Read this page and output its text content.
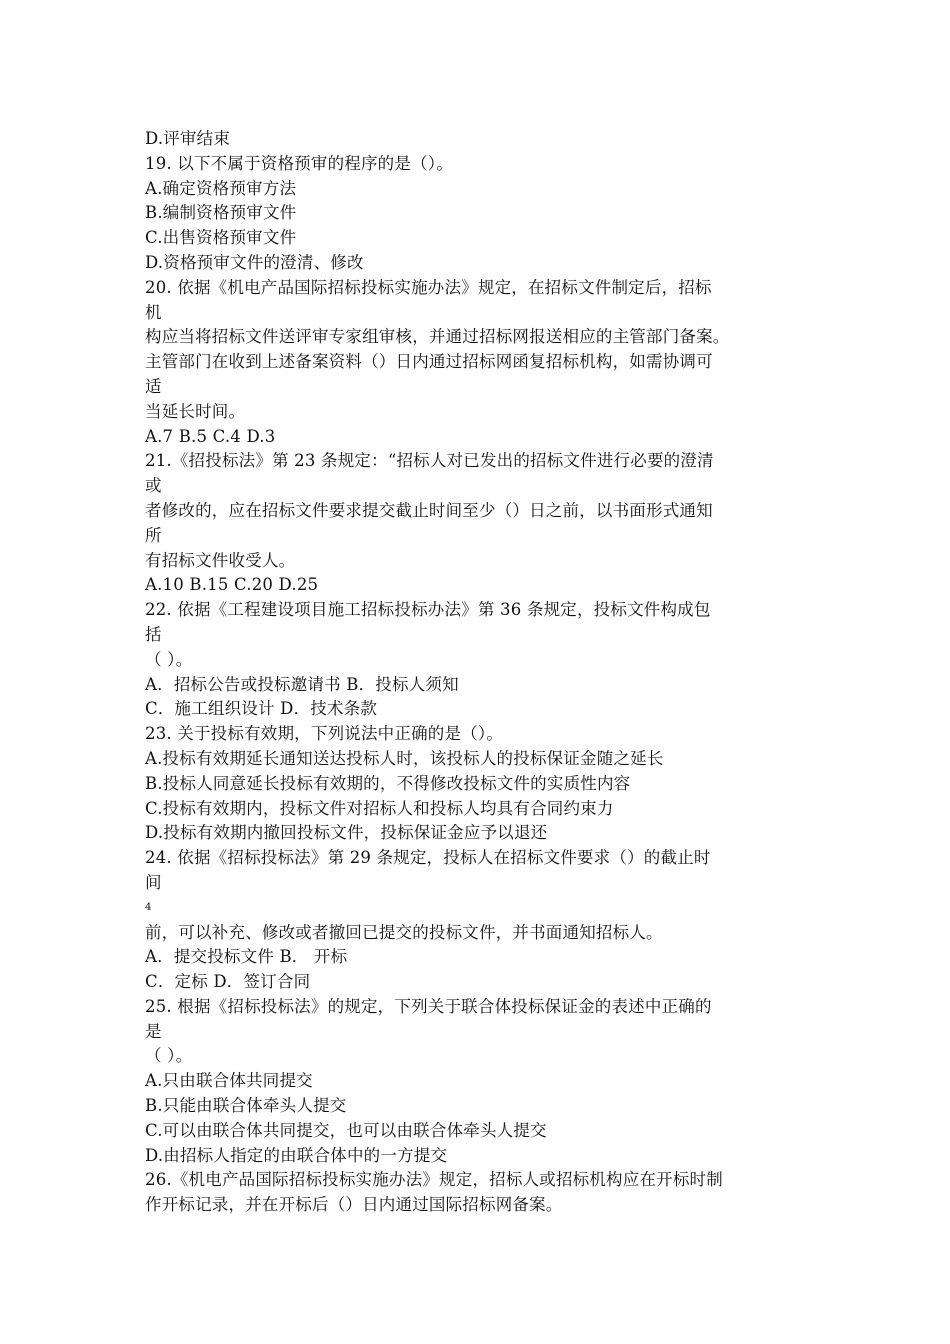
D.评审结束
19. 以下不属于资格预审的程序的是（）。
A.确定资格预审方法
B.编制资格预审文件
C.出售资格预审文件
D.资格预审文件的澄清、修改
20. 依据《机电产品国际招标投标实施办法》规定，在招标文件制定后，招标
机
构应当将招标文件送评审专家组审核，并通过招标网报送相应的主管部门备案。
主管部门在收到上述备案资料（）日内通过招标网函复招标机构，如需协调可
适
当延长时间。
A.7 B.5 C.4 D.3
21.《招投标法》第 23 条规定：“招标人对已发出的招标文件进行必要的澄清
或
者修改的，应在招标文件要求提交截止时间至少（）日之前，以书面形式通知
所
有招标文件收受人。
A.10 B.15 C.20 D.25
22. 依据《工程建设项目施工招标投标办法》第 36 条规定，投标文件构成包
括
（ ）。
A．招标公告或投标邀请书 B．投标人须知
C．施工组织设计 D．技术条款
23. 关于投标有效期，下列说法中正确的是（）。
A.投标有效期延长通知送达投标人时，该投标人的投标保证金随之延长
B.投标人同意延长投标有效期的，不得修改投标文件的实质性内容
C.投标有效期内，投标文件对招标人和投标人均具有合同约束力
D.投标有效期内撤回投标文件，投标保证金应予以退还
24. 依据《招标投标法》第 29 条规定，投标人在招标文件要求（）的截止时
间
4
前，可以补充、修改或者撤回已提交的投标文件，并书面通知招标人。
A．提交投标文件 B． 开标
C．定标 D．签订合同
25. 根据《招标投标法》的规定，下列关于联合体投标保证金的表述中正确的
是
（ ）。
A.只由联合体共同提交
B.只能由联合体牵头人提交
C.可以由联合体共同提交，也可以由联合体牵头人提交
D.由招标人指定的由联合体中的一方提交
26.《机电产品国际招标投标实施办法》规定，招标人或招标机构应在开标时制
作开标记录，并在开标后（）日内通过国际招标网备案。
